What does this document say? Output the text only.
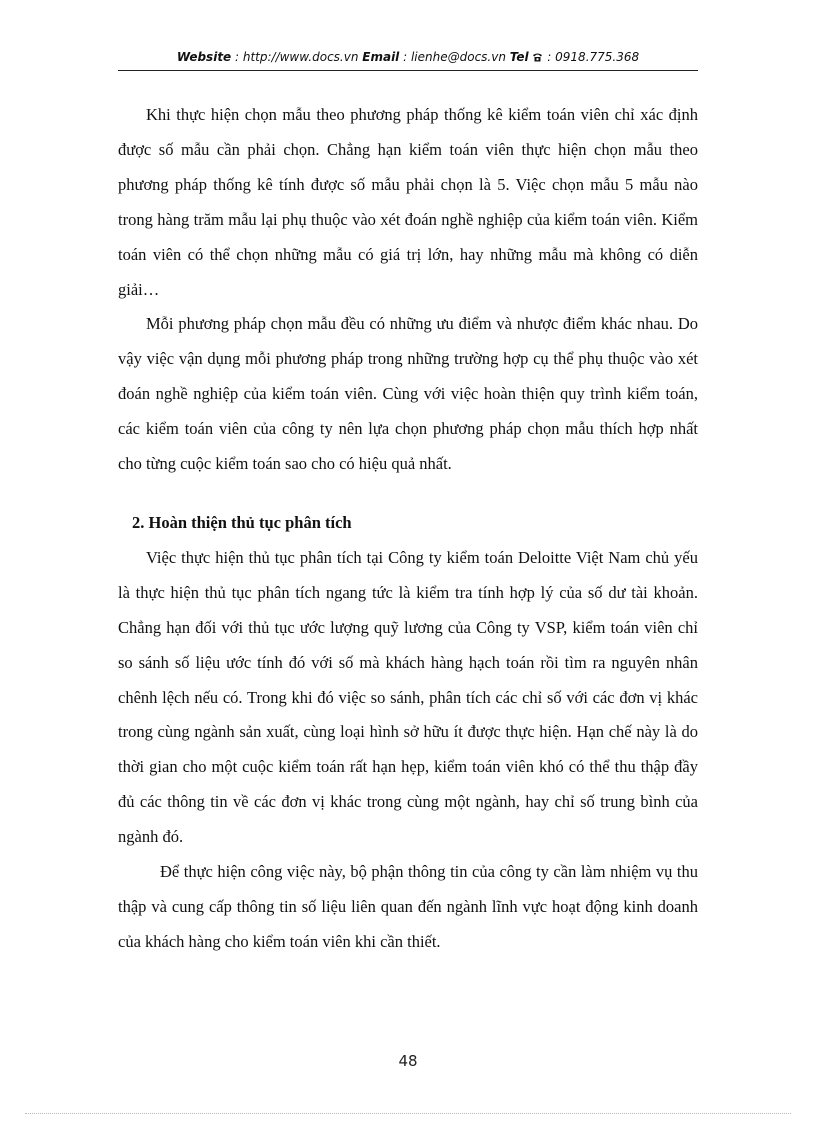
Website : http://www.docs.vn Email : lienhe@docs.vn Tel  : 0918.775.368

Khi thực hiện chọn mẫu theo phương pháp thống kê kiểm toán viên chỉ xác định được số mẫu cần phải chọn. Chẳng hạn kiểm toán viên thực hiện chọn mẫu theo phương pháp thống kê tính được số mẫu phải chọn là 5. Việc chọn mẫu 5 mẫu nào trong hàng trăm mẫu lại phụ thuộc vào xét đoán nghề nghiệp của kiểm toán viên. Kiểm toán viên có thể chọn những mẫu có giá trị lớn, hay những mẫu mà không có diễn giải…

Mỗi phương pháp chọn mẫu đều có những ưu điểm và nhược điểm khác nhau. Do vậy việc vận dụng mỗi phương pháp trong những trường hợp cụ thể phụ thuộc vào xét đoán nghề nghiệp của kiểm toán viên. Cùng với việc hoàn thiện quy trình kiểm toán, các kiểm toán viên của công ty nên lựa chọn phương pháp chọn mẫu thích hợp nhất cho từng cuộc kiểm toán sao cho có hiệu quả nhất.

2. Hoàn thiện thủ tục phân tích

Việc thực hiện thủ tục phân tích tại Công ty kiểm toán Deloitte Việt Nam chủ yếu là thực hiện thủ tục phân tích ngang tức là kiểm tra tính hợp lý của số dư tài khoản. Chẳng hạn đối với thủ tục ước lượng quỹ lương của Công ty VSP, kiểm toán viên chỉ so sánh số liệu ước tính đó với số mà khách hàng hạch toán rồi tìm ra nguyên nhân chênh lệch nếu có. Trong khi đó việc so sánh, phân tích các chỉ số với các đơn vị khác trong cùng ngành sản xuất, cùng loại hình sở hữu ít được thực hiện. Hạn chế này là do thời gian cho một cuộc kiểm toán rất hạn hẹp, kiểm toán viên khó có thể thu thập đầy đủ các thông tin về các đơn vị khác trong cùng một ngành, hay chỉ số trung bình của ngành đó.

Để thực hiện công việc này, bộ phận thông tin của công ty cần làm nhiệm vụ thu thập và cung cấp thông tin số liệu liên quan đến ngành lĩnh vực hoạt động kinh doanh của khách hàng cho kiểm toán viên khi cần thiết.

48
